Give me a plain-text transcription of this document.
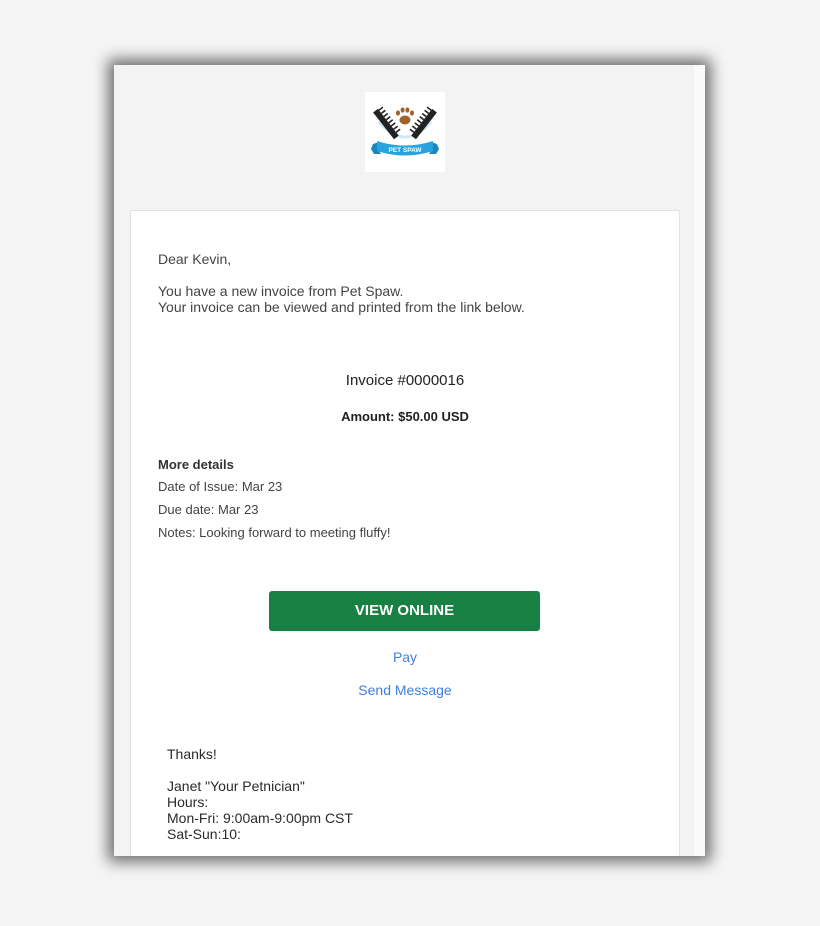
PET SPAW
Dear Kevin,
You have a new invoice from Pet Spaw.
Your invoice can be viewed and printed from the link below.
Invoice #0000016
Amount: $50.00 USD
More details
Date of Issue: Mar 23
Due date: Mar 23
Notes: Looking forward to meeting fluffy!
VIEW ONLINE
Pay
Send Message
Thanks!
Janet "Your Petnician"
Hours:
Mon-Fri: 9:00am-9:00pm CST
Sat-Sun:10:
